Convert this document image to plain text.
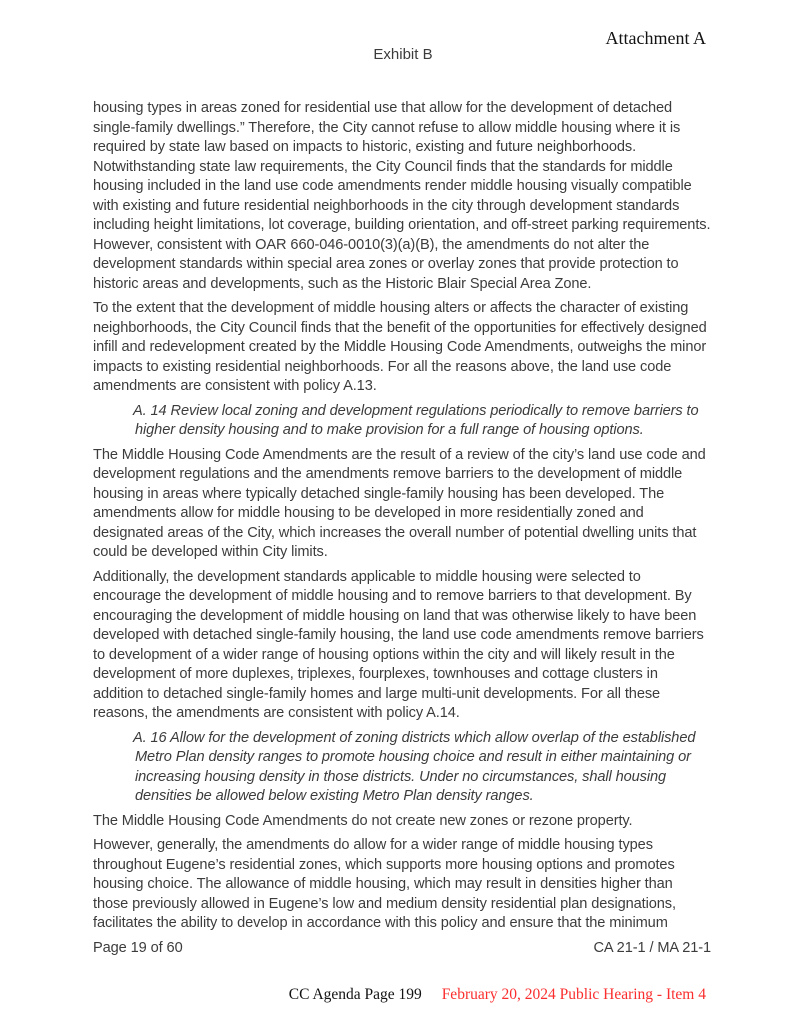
Attachment A
Exhibit B

housing types in areas zoned for residential use that allow for the development of detached single-family dwellings.” Therefore, the City cannot refuse to allow middle housing where it is required by state law based on impacts to historic, existing and future neighborhoods. Notwithstanding state law requirements, the City Council finds that the standards for middle housing included in the land use code amendments render middle housing visually compatible with existing and future residential neighborhoods in the city through development standards including height limitations, lot coverage, building orientation, and off-street parking requirements. However, consistent with OAR 660-046-0010(3)(a)(B), the amendments do not alter the development standards within special area zones or overlay zones that provide protection to historic areas and developments, such as the Historic Blair Special Area Zone.

To the extent that the development of middle housing alters or affects the character of existing neighborhoods, the City Council finds that the benefit of the opportunities for effectively designed infill and redevelopment created by the Middle Housing Code Amendments, outweighs the minor impacts to existing residential neighborhoods. For all the reasons above, the land use code amendments are consistent with policy A.13.

A. 14 Review local zoning and development regulations periodically to remove barriers to higher density housing and to make provision for a full range of housing options.

The Middle Housing Code Amendments are the result of a review of the city’s land use code and development regulations and the amendments remove barriers to the development of middle housing in areas where typically detached single-family housing has been developed. The amendments allow for middle housing to be developed in more residentially zoned and designated areas of the City, which increases the overall number of potential dwelling units that could be developed within City limits.

Additionally, the development standards applicable to middle housing were selected to encourage the development of middle housing and to remove barriers to that development. By encouraging the development of middle housing on land that was otherwise likely to have been developed with detached single-family housing, the land use code amendments remove barriers to development of a wider range of housing options within the city and will likely result in the development of more duplexes, triplexes, fourplexes, townhouses and cottage clusters in addition to detached single-family homes and large multi-unit developments. For all these reasons, the amendments are consistent with policy A.14.

A. 16 Allow for the development of zoning districts which allow overlap of the established Metro Plan density ranges to promote housing choice and result in either maintaining or increasing housing density in those districts. Under no circumstances, shall housing densities be allowed below existing Metro Plan density ranges.

The Middle Housing Code Amendments do not create new zones or rezone property.

However, generally, the amendments do allow for a wider range of middle housing types throughout Eugene’s residential zones, which supports more housing options and promotes housing choice. The allowance of middle housing, which may result in densities higher than those previously allowed in Eugene’s low and medium density residential plan designations, facilitates the ability to develop in accordance with this policy and ensure that the minimum

Page 19 of 60	CA 21-1 / MA 21-1
CC Agenda Page 199 February 20, 2024 Public Hearing - Item 4
